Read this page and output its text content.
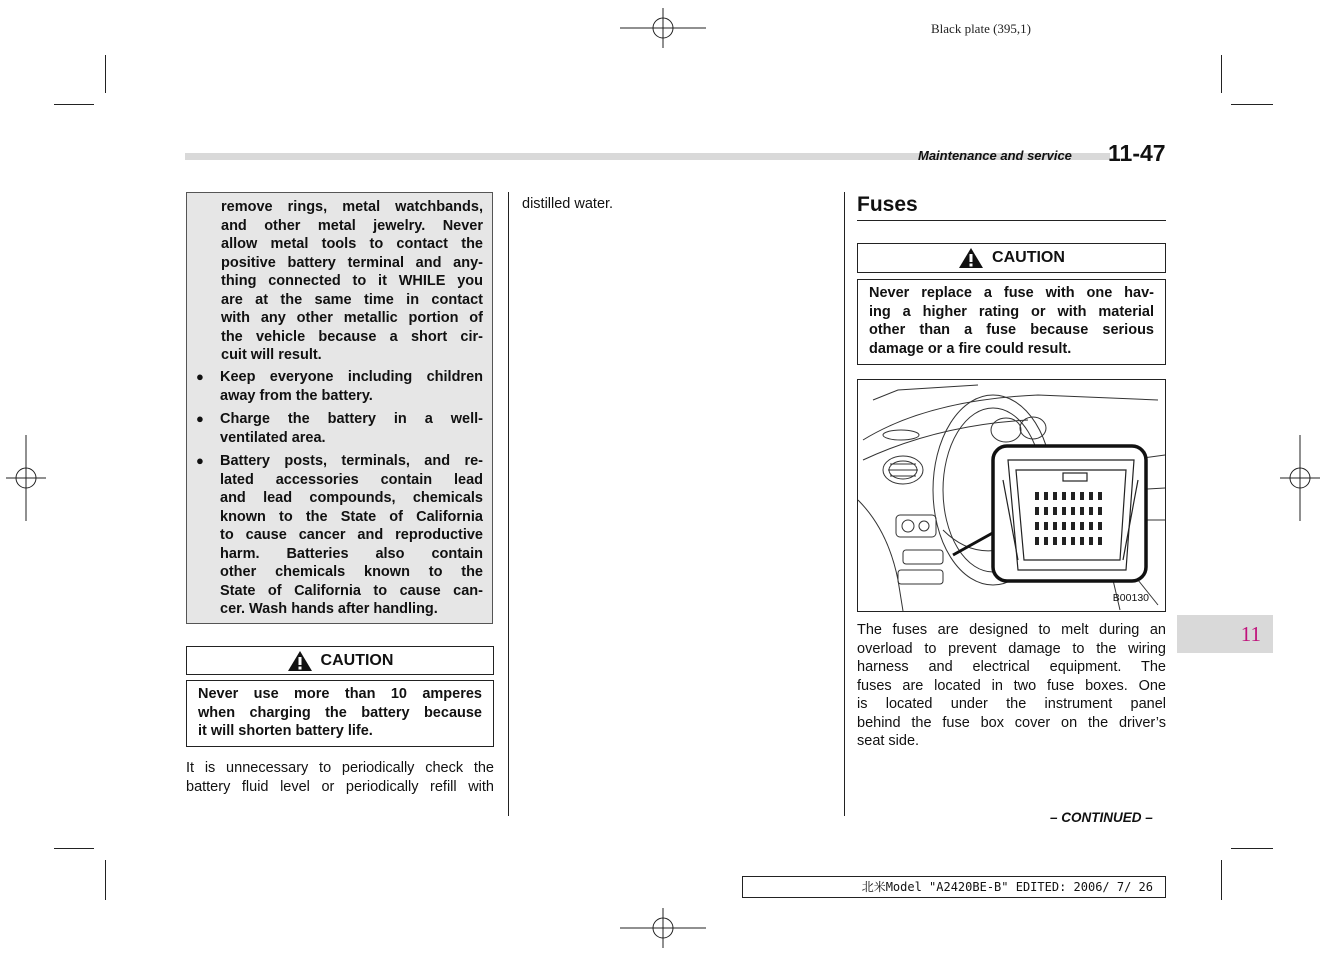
Black plate (395,1)
Maintenance and service 11-47
remove rings, metal watchbands,
and other metal jewelry. Never
allow metal tools to contact the
positive battery terminal and any-
thing connected to it WHILE you
are at the same time in contact
with any other metallic portion of
the vehicle because a short cir-
cuit will result.
● Keep everyone including children
away from the battery.
● Charge the battery in a well-
ventilated area.
● Battery posts, terminals, and re-
lated accessories contain lead
and lead compounds, chemicals
known to the State of California
to cause cancer and reproductive
harm. Batteries also contain
other chemicals known to the
State of California to cause can-
cer. Wash hands after handling.
CAUTION
Never use more than 10 amperes
when charging the battery because
it will shorten battery life.
It is unnecessary to periodically check the
battery fluid level or periodically refill with
distilled water.	Fuses
CAUTION
Never replace a fuse with one hav-
ing a higher rating or with material
other than a fuse because serious
damage or a fire could result.
B00130
The fuses are designed to melt during an
overload to prevent damage to the wiring
harness and electrical equipment. The
fuses are located in two fuse boxes. One
is located under the instrument panel
behind the fuse box cover on the driver’s
seat side.
11
– CONTINUED –
北米Model "A2420BE-B" EDITED: 2006/ 7/ 26
